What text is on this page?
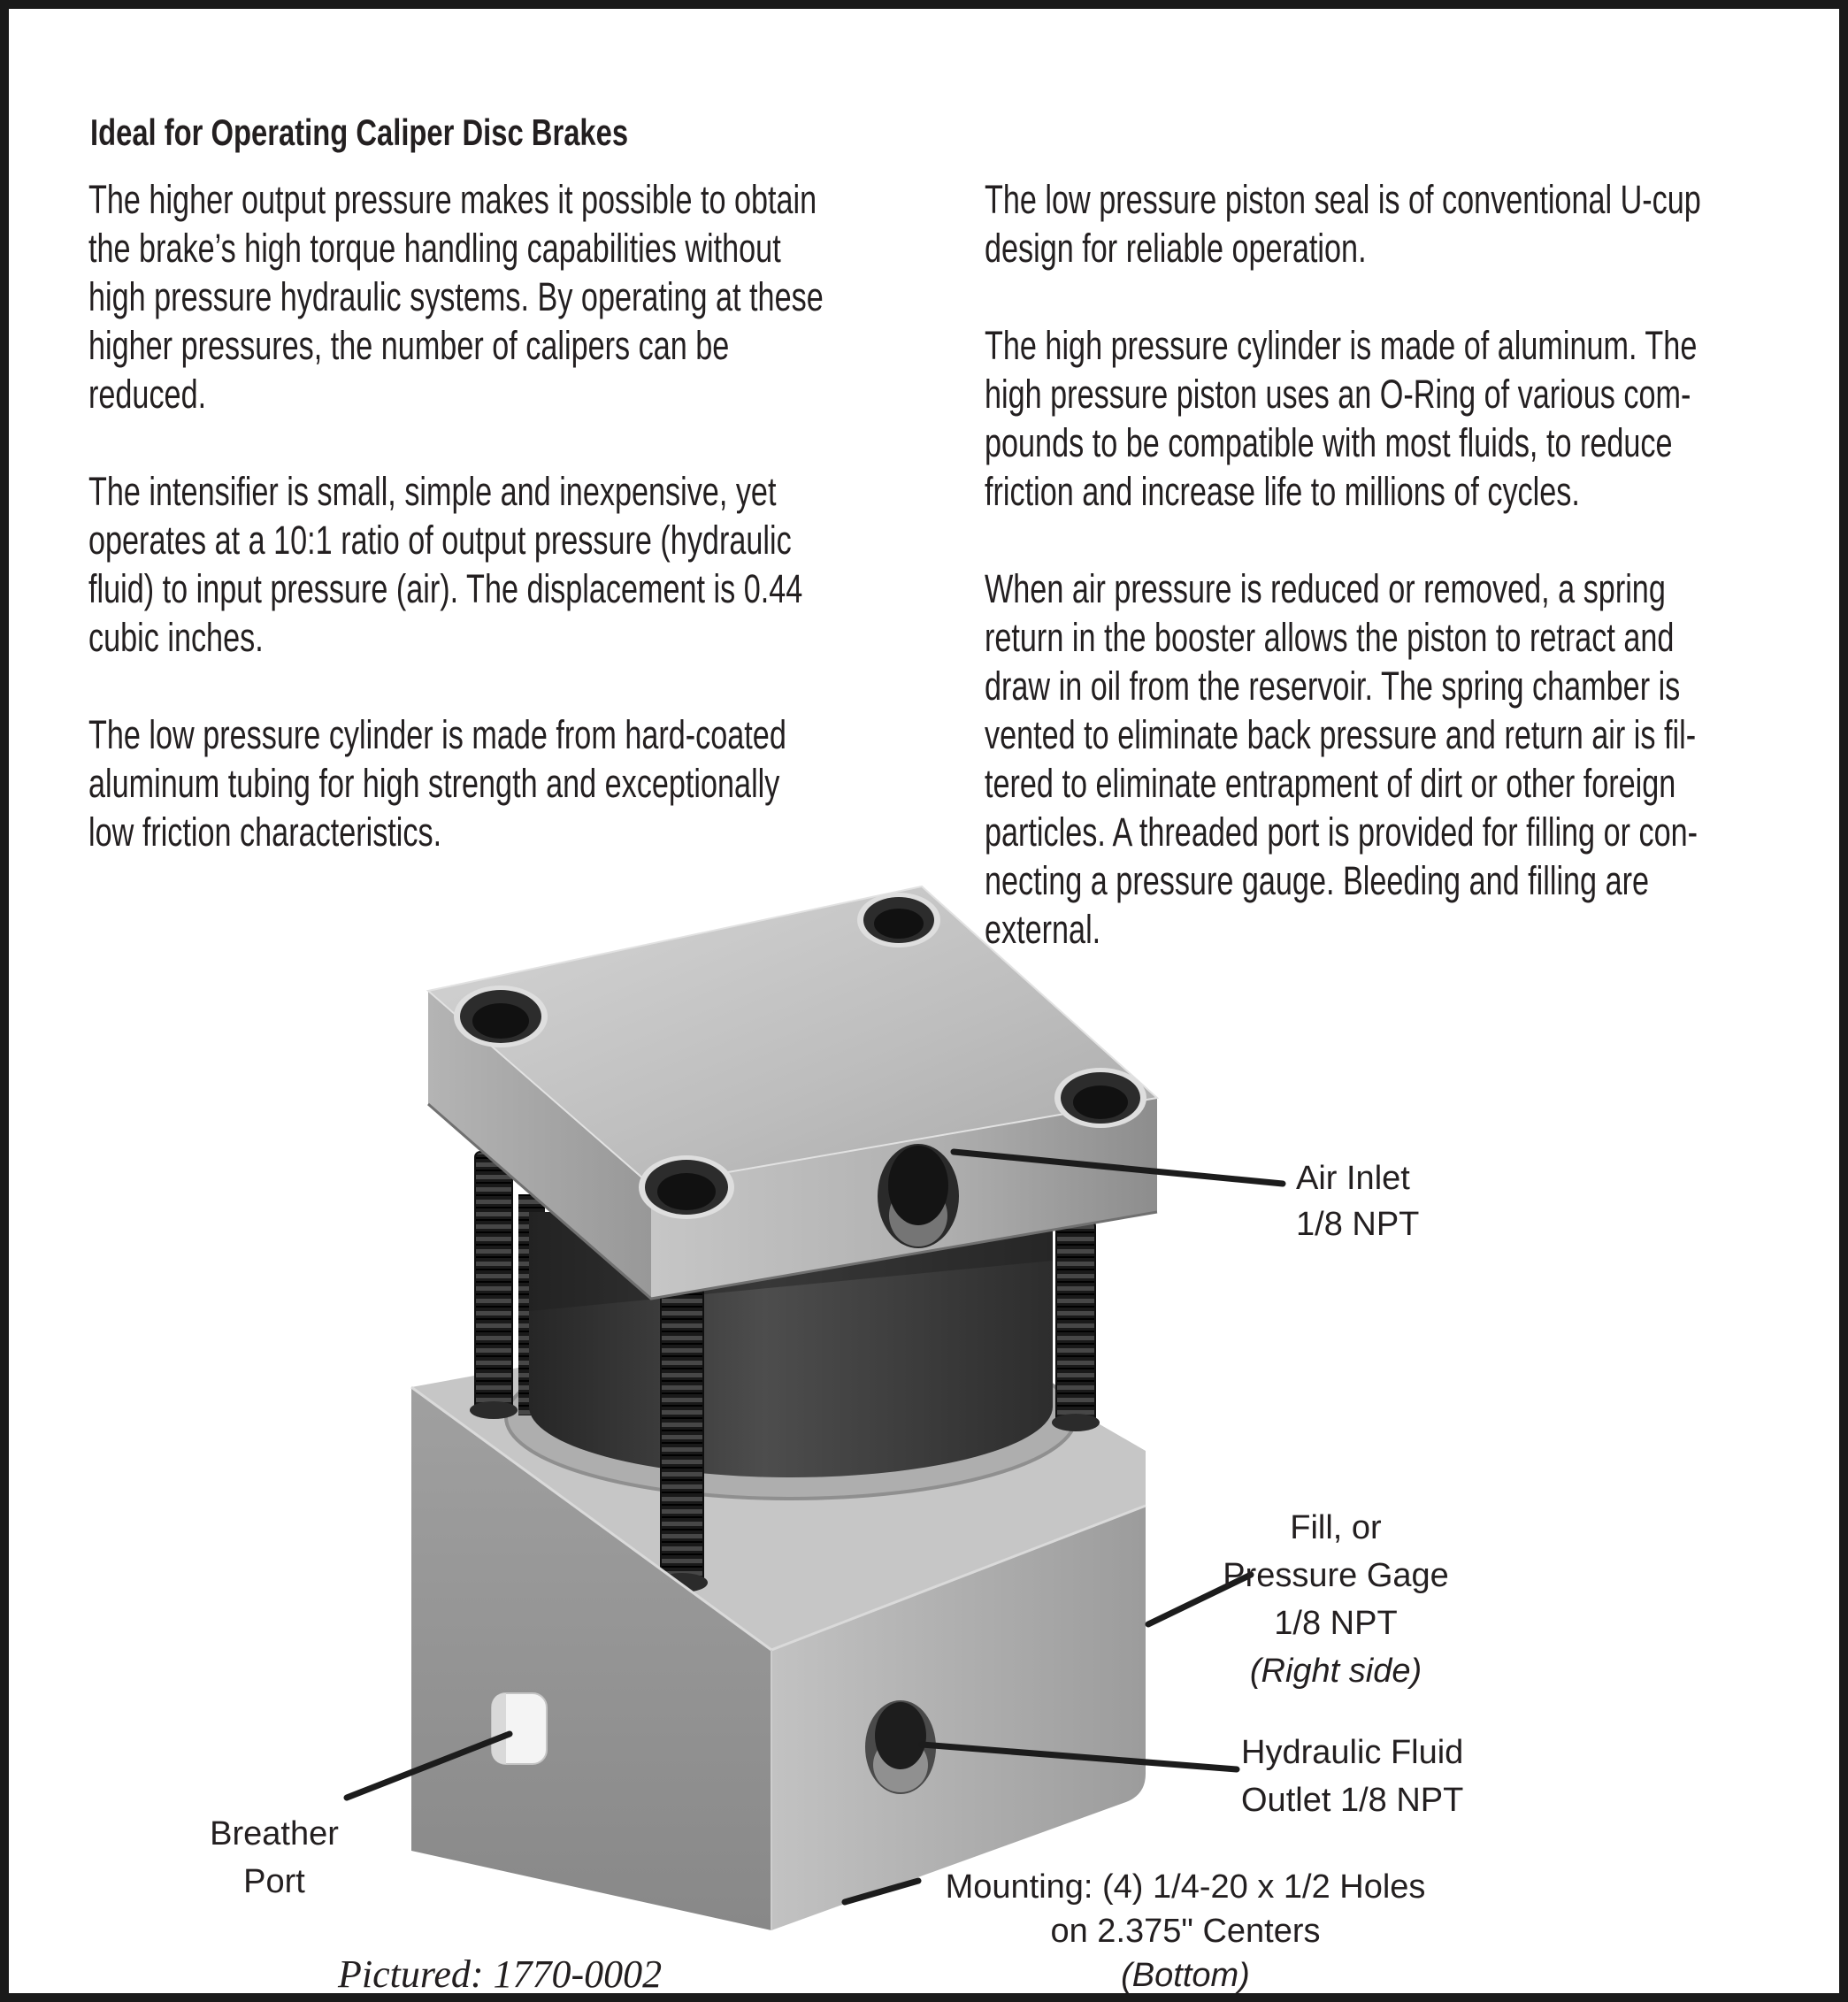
Ideal for Operating Caliper Disc Brakes

The higher output pressure makes it possible to obtain
the brake’s high torque handling capabilities without
high pressure hydraulic systems. By operating at these
higher pressures, the number of calipers can be
reduced.

The intensifier is small, simple and inexpensive, yet
operates at a 10:1 ratio of output pressure (hydraulic
fluid) to input pressure (air). The displacement is 0.44
cubic inches.

The low pressure cylinder is made from hard-coated
aluminum tubing for high strength and exceptionally
low friction characteristics.

The low pressure piston seal is of conventional U-cup
design for reliable operation.

The high pressure cylinder is made of aluminum. The
high pressure piston uses an O-Ring of various com-
pounds to be compatible with most fluids, to reduce
friction and increase life to millions of cycles.

When air pressure is reduced or removed, a spring
return in the booster allows the piston to retract and
draw in oil from the reservoir. The spring chamber is
vented to eliminate back pressure and return air is fil-
tered to eliminate entrapment of dirt or other foreign
particles. A threaded port is provided for filling or con-
necting a pressure gauge. Bleeding and filling are
external.

Air Inlet
1/8 NPT
Fill, or
Pressure Gage
1/8 NPT
(Right side)
Hydraulic Fluid
Outlet 1/8 NPT
Breather
Port	Mounting: (4) 1/4-20 x 1/2 Holes
on 2.375" Centers
(Bottom)
Pictured: 1770-0002
